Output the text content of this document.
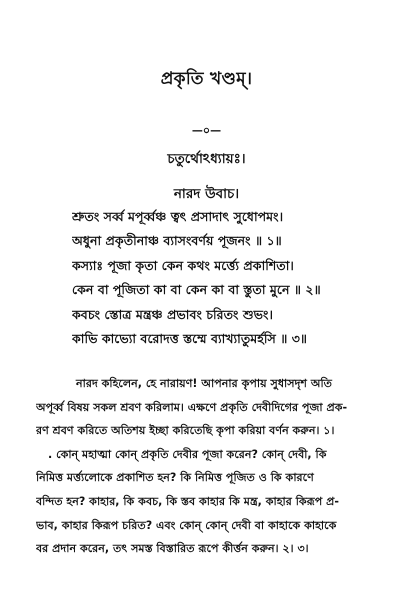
প্রকৃতি খণ্ডম্।
—০—
চতুর্থোঽধ্যায়ঃ।
নারদ উবাচ।
শ্রুতং সর্ব্ব মপূর্ব্বঞ্চ ত্বৎ প্রসাদাৎ সুধোপমং।
অধুনা প্রকৃতীনাঞ্চ ব্যাসংবর্ণয় পূজনং ॥ ১॥
কস্যাঃ পূজা কৃতা কেন কথং মর্ত্ত্যে প্রকাশিতা।
কেন বা পূজিতা কা বা কেন কা বা স্তুতা মুনে ॥ ২॥
কবচং স্তোত্র মন্ত্রঞ্চ প্রভাবং চরিতং শুভং।
কাভি কাভ্যো বরোদত্ত স্তম্মে ব্যাখ্যাতুমর্হসি ॥ ৩॥
নারদ কহিলেন, হে নারায়ণ! আপনার কৃপায় সুধাসদৃশ অতি
অপূর্ব্ব বিষয় সকল শ্রবণ করিলাম। এক্ষণে প্রকৃতি দেবীদিগের পূজা প্রক-
রণ শ্রবণ করিতে অতিশয় ইচ্ছা করিতেছি কৃপা করিয়া বর্ণন করুন। ১।
. কোন্ মহাত্মা কোন্ প্রকৃতি দেবীর পূজা করেন? কোন্ দেবী, কি
নিমিত্ত মর্ত্ত্যলোকে প্রকাশিত হন? কি নিমিত্ত পূজিত ও কি কারণে
বন্দিত হন? কাহার, কি কবচ, কি স্তব কাহার কি মন্ত্র, কাহার কিরূপ প্র-
ভাব, কাহার কিরূপ চরিত? এবং কোন্ কোন্ দেবী বা কাহাকে কাহাকে
বর প্রদান করেন, তৎ সমস্ত বিস্তারিত রূপে কীর্ত্তন করুন। ২। ৩।
